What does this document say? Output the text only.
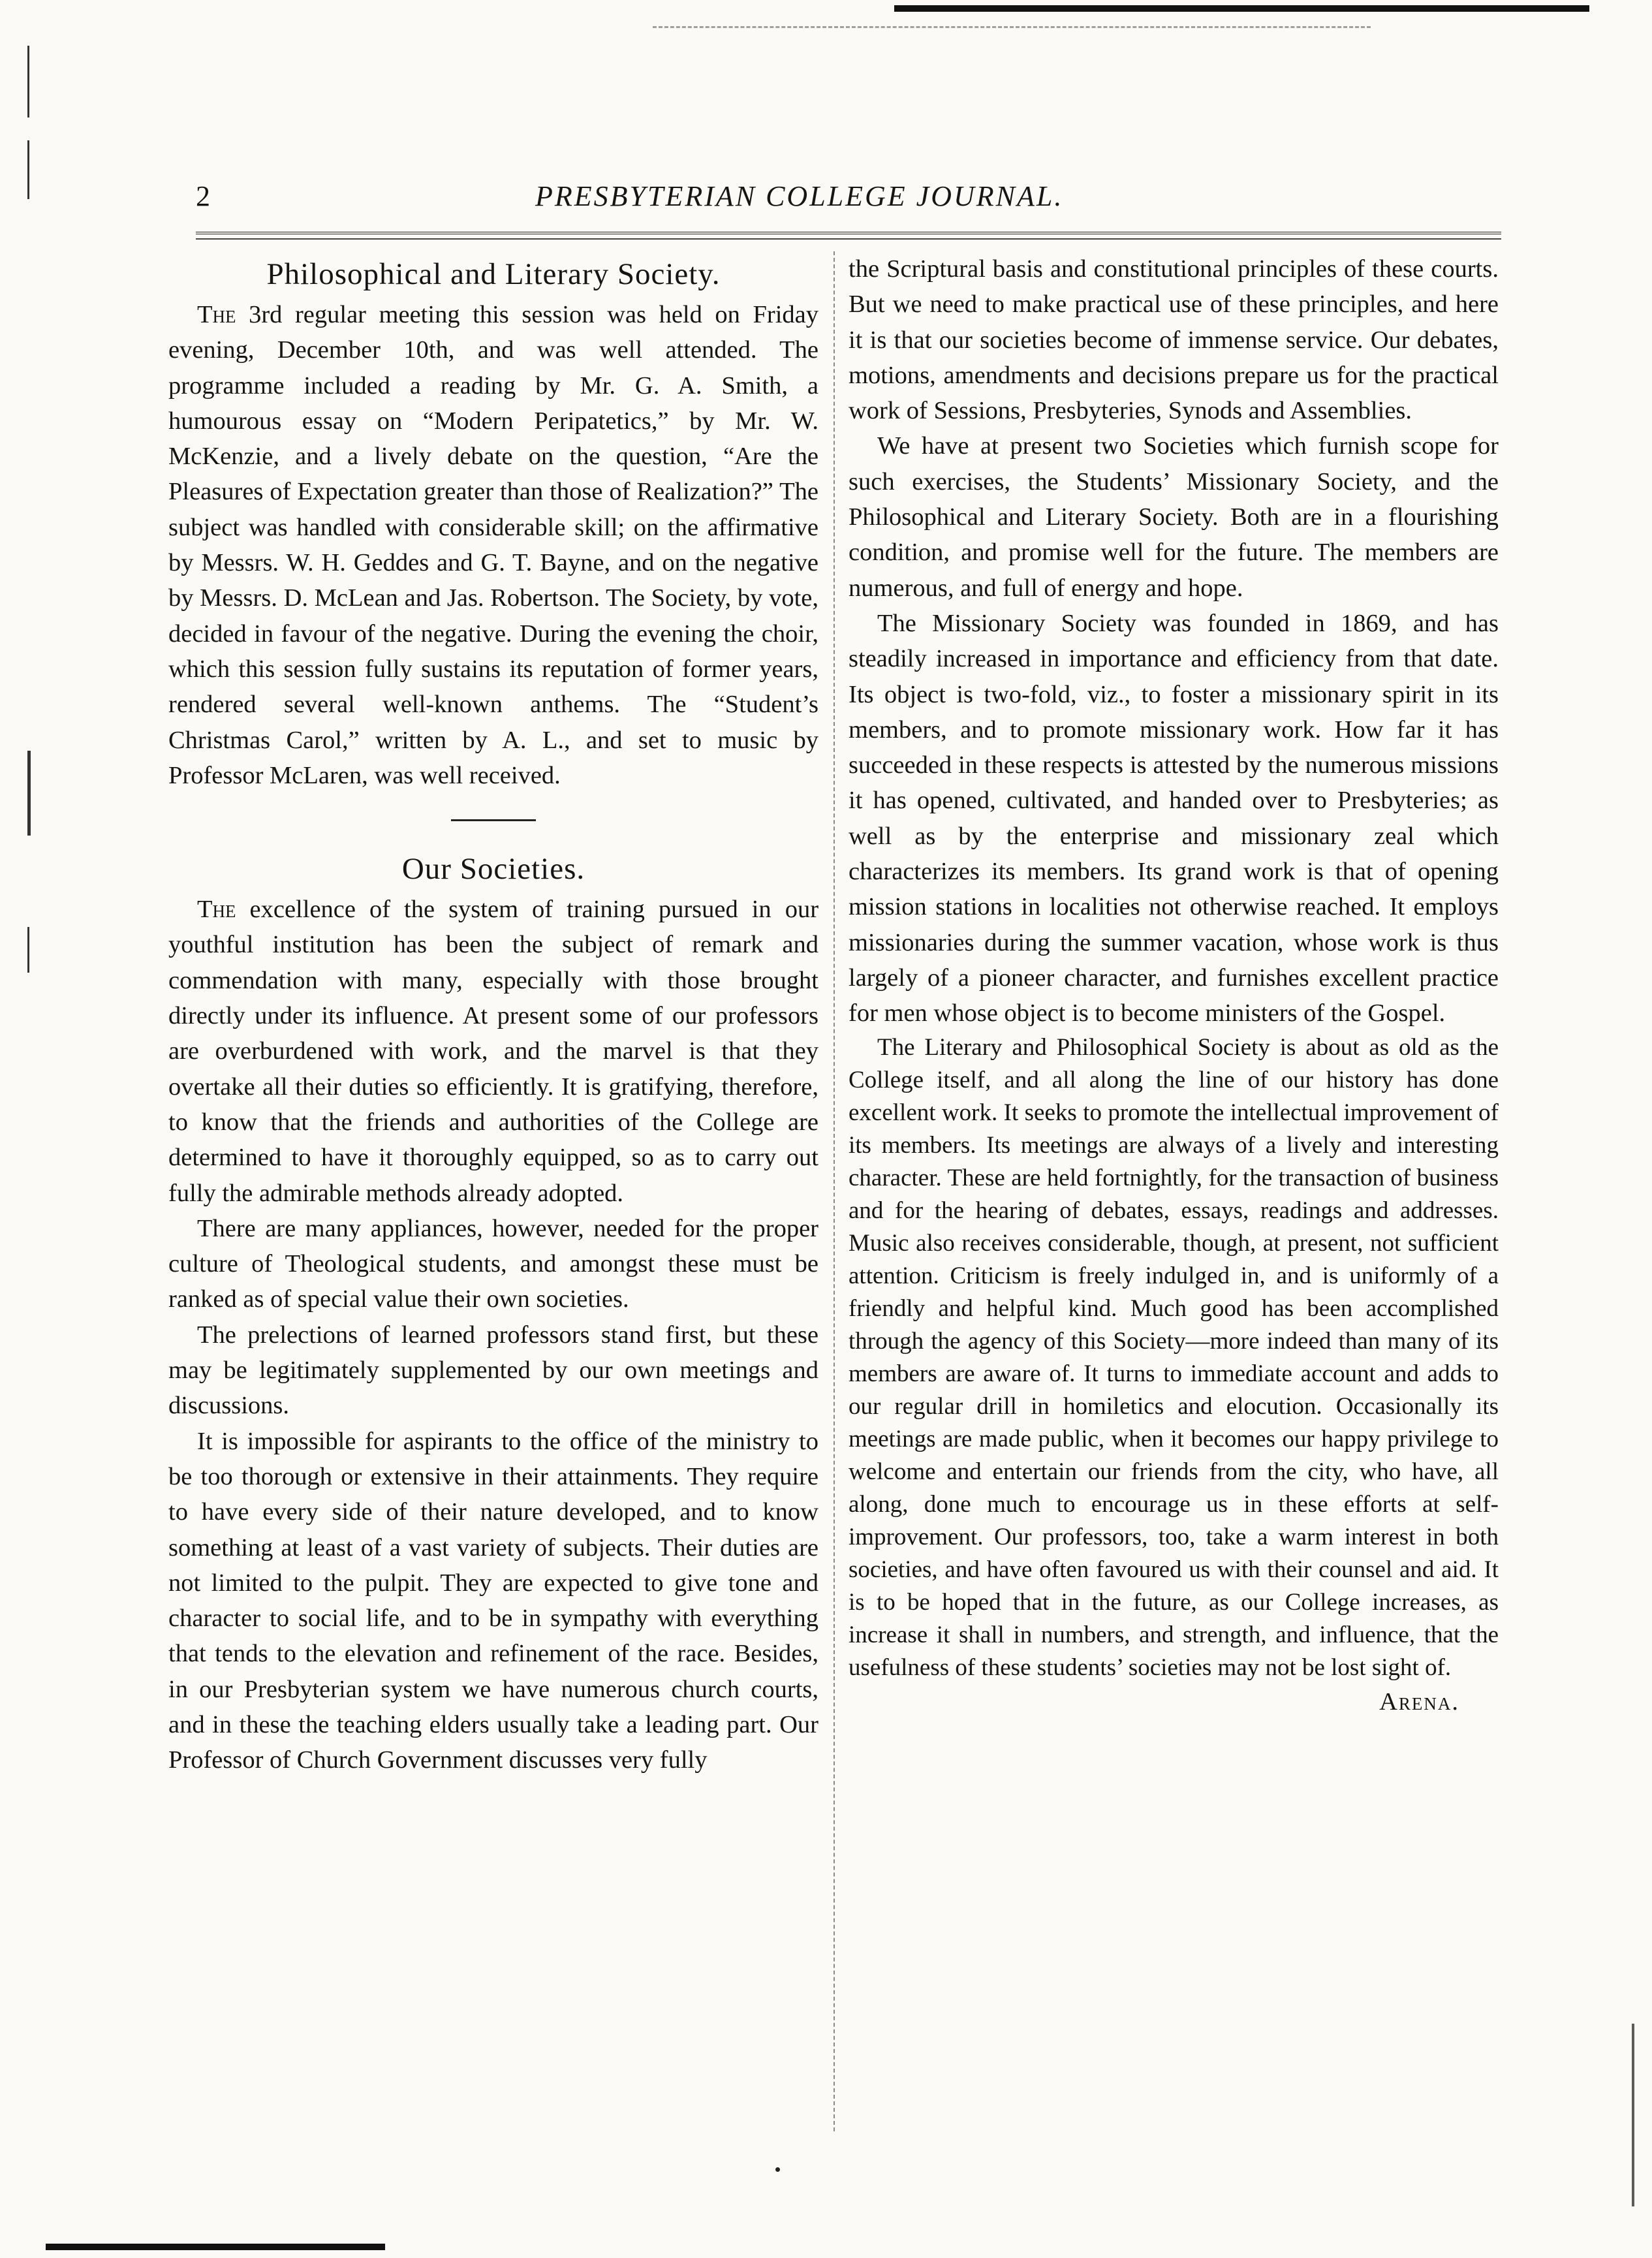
2	PRESBYTERIAN COLLEGE JOURNAL.
Philosophical and Literary Society.

The 3rd regular meeting this session was held on Friday evening, December 10th, and was well attended. The programme included a reading by Mr. G. A. Smith, a humourous essay on “Modern Peripatetics,” by Mr. W. McKenzie, and a lively debate on the question, “Are the Pleasures of Expectation greater than those of Realization?” The subject was handled with considerable skill; on the affirmative by Messrs. W. H. Geddes and G. T. Bayne, and on the negative by Messrs. D. McLean and Jas. Robertson. The Society, by vote, decided in favour of the negative. During the evening the choir, which this session fully sustains its reputation of former years, rendered several well-known anthems. The “Student’s Christmas Carol,” written by A. L., and set to music by Professor McLaren, was well received.

Our Societies.

The excellence of the system of training pursued in our youthful institution has been the subject of remark and commendation with many, especially with those brought directly under its influence. At present some of our professors are overburdened with work, and the marvel is that they overtake all their duties so efficiently. It is gratifying, therefore, to know that the friends and authorities of the College are determined to have it thoroughly equipped, so as to carry out fully the admirable methods already adopted.

There are many appliances, however, needed for the proper culture of Theological students, and amongst these must be ranked as of special value their own societies.

The prelections of learned professors stand first, but these may be legitimately supplemented by our own meetings and discussions.

It is impossible for aspirants to the office of the ministry to be too thorough or extensive in their attainments. They require to have every side of their nature developed, and to know something at least of a vast variety of subjects. Their duties are not limited to the pulpit. They are expected to give tone and character to social life, and to be in sympathy with everything that tends to the elevation and refinement of the race. Besides, in our Presbyterian system we have numerous church courts, and in these the teaching elders usually take a leading part. Our Professor of Church Government discusses very fully

the Scriptural basis and constitutional principles of these courts. But we need to make practical use of these principles, and here it is that our societies become of immense service. Our debates, motions, amendments and decisions prepare us for the practical work of Sessions, Presbyteries, Synods and Assemblies.

We have at present two Societies which furnish scope for such exercises, the Students’ Missionary Society, and the Philosophical and Literary Society. Both are in a flourishing condition, and promise well for the future. The members are numerous, and full of energy and hope.

The Missionary Society was founded in 1869, and has steadily increased in importance and efficiency from that date. Its object is two-fold, viz., to foster a missionary spirit in its members, and to promote missionary work. How far it has succeeded in these respects is attested by the numerous missions it has opened, cultivated, and handed over to Presbyteries; as well as by the enterprise and missionary zeal which characterizes its members. Its grand work is that of opening mission stations in localities not otherwise reached. It employs missionaries during the summer vacation, whose work is thus largely of a pioneer character, and furnishes excellent practice for men whose object is to become ministers of the Gospel.

The Literary and Philosophical Society is about as old as the College itself, and all along the line of our history has done excellent work. It seeks to promote the intellectual improvement of its members. Its meetings are always of a lively and interesting character. These are held fortnightly, for the transaction of business and for the hearing of debates, essays, readings and addresses. Music also receives considerable, though, at present, not sufficient attention. Criticism is freely indulged in, and is uniformly of a friendly and helpful kind. Much good has been accomplished through the agency of this Society—more indeed than many of its members are aware of. It turns to immediate account and adds to our regular drill in homiletics and elocution. Occasionally its meetings are made public, when it becomes our happy privilege to welcome and entertain our friends from the city, who have, all along, done much to encourage us in these efforts at self-improvement. Our professors, too, take a warm interest in both societies, and have often favoured us with their counsel and aid. It is to be hoped that in the future, as our College increases, as increase it shall in numbers, and strength, and influence, that the usefulness of these students’ societies may not be lost sight of.

Arena.
